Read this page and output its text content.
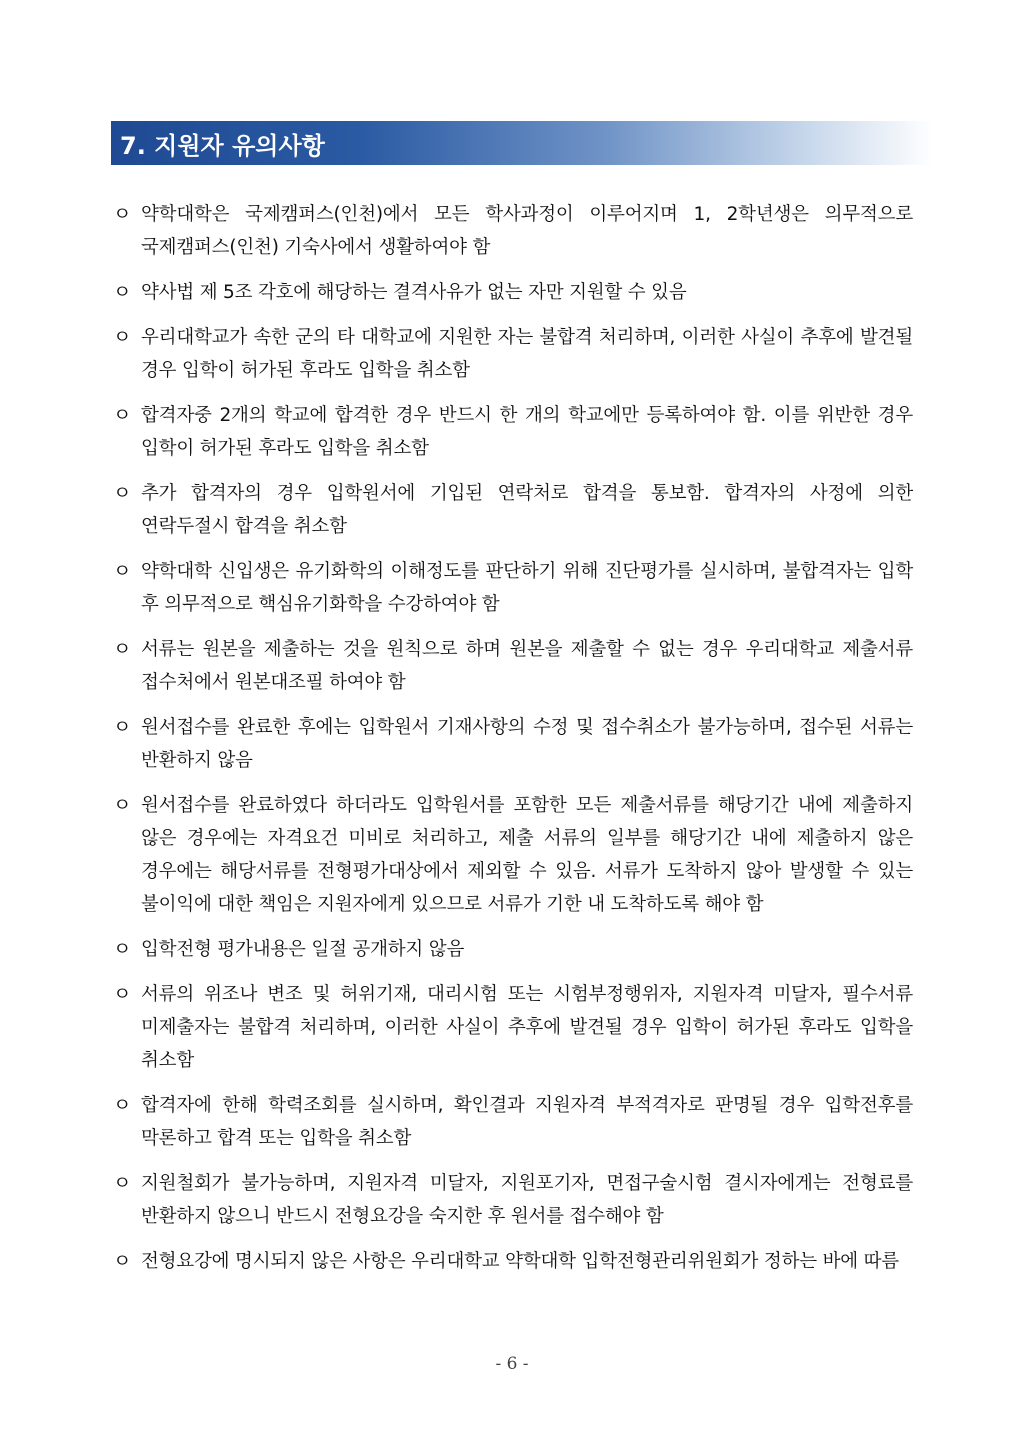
7. 지원자 유의사항
ㅇ 약학대학은 국제캠퍼스(인천)에서 모든 학사과정이 이루어지며 1, 2학년생은 의무적으로 국제캠퍼스(인천) 기숙사에서 생활하여야 함
ㅇ 약사법 제 5조 각호에 해당하는 결격사유가 없는 자만 지원할 수 있음
ㅇ 우리대학교가 속한 군의 타 대학교에 지원한 자는 불합격 처리하며, 이러한 사실이 추후에 발견될 경우 입학이 허가된 후라도 입학을 취소함
ㅇ 합격자중 2개의 학교에 합격한 경우 반드시 한 개의 학교에만 등록하여야 함. 이를 위반한 경우 입학이 허가된 후라도 입학을 취소함
ㅇ 추가 합격자의 경우 입학원서에 기입된 연락처로 합격을 통보함. 합격자의 사정에 의한 연락두절시 합격을 취소함
ㅇ 약학대학 신입생은 유기화학의 이해정도를 판단하기 위해 진단평가를 실시하며, 불합격자는 입학 후 의무적으로 핵심유기화학을 수강하여야 함
ㅇ 서류는 원본을 제출하는 것을 원칙으로 하며 원본을 제출할 수 없는 경우 우리대학교 제출서류 접수처에서 원본대조필 하여야 함
ㅇ 원서접수를 완료한 후에는 입학원서 기재사항의 수정 및 접수취소가 불가능하며, 접수된 서류는 반환하지 않음
ㅇ 원서접수를 완료하였다 하더라도 입학원서를 포함한 모든 제출서류를 해당기간 내에 제출하지 않은 경우에는 자격요건 미비로 처리하고, 제출 서류의 일부를 해당기간 내에 제출하지 않은 경우에는 해당서류를 전형평가대상에서 제외할 수 있음. 서류가 도착하지 않아 발생할 수 있는 불이익에 대한 책임은 지원자에게 있으므로 서류가 기한 내 도착하도록 해야 함
ㅇ 입학전형 평가내용은 일절 공개하지 않음
ㅇ 서류의 위조나 변조 및 허위기재, 대리시험 또는 시험부정행위자, 지원자격 미달자, 필수서류 미제출자는 불합격 처리하며, 이러한 사실이 추후에 발견될 경우 입학이 허가된 후라도 입학을 취소함
ㅇ 합격자에 한해 학력조회를 실시하며, 확인결과 지원자격 부적격자로 판명될 경우 입학전후를 막론하고 합격 또는 입학을 취소함
ㅇ 지원철회가 불가능하며, 지원자격 미달자, 지원포기자, 면접구술시험 결시자에게는 전형료를 반환하지 않으니 반드시 전형요강을 숙지한 후 원서를 접수해야 함
ㅇ 전형요강에 명시되지 않은 사항은 우리대학교 약학대학 입학전형관리위원회가 정하는 바에 따름
- 6 -
